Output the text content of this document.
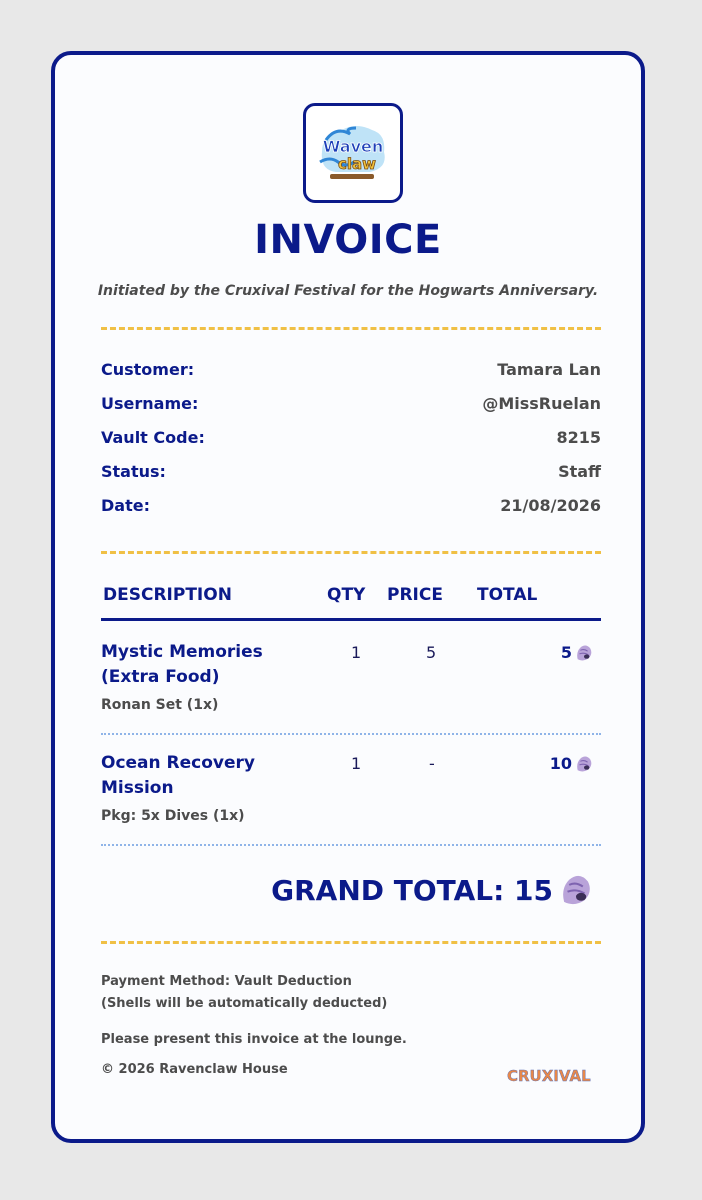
Waven
claw
INVOICE
Initiated by the Cruxival Festival for the Hogwarts Anniversary.
Customer:	Tamara Lan
Username:	@MissRuelan
Vault Code:	8215
Status:	Staff
Date:	21/08/2026
DESCRIPTION	QTY PRICE TOTAL
Mystic Memories (Extra Food)
Ronan Set (1x)
1	5	5
Ocean Recovery Mission
Pkg: 5x Dives (1x)
1	-	10
GRAND TOTAL: 15
Payment Method: Vault Deduction
(Shells will be automatically deducted)
Please present this invoice at the lounge.
© 2026 Ravenclaw House	CRUXIVAL
